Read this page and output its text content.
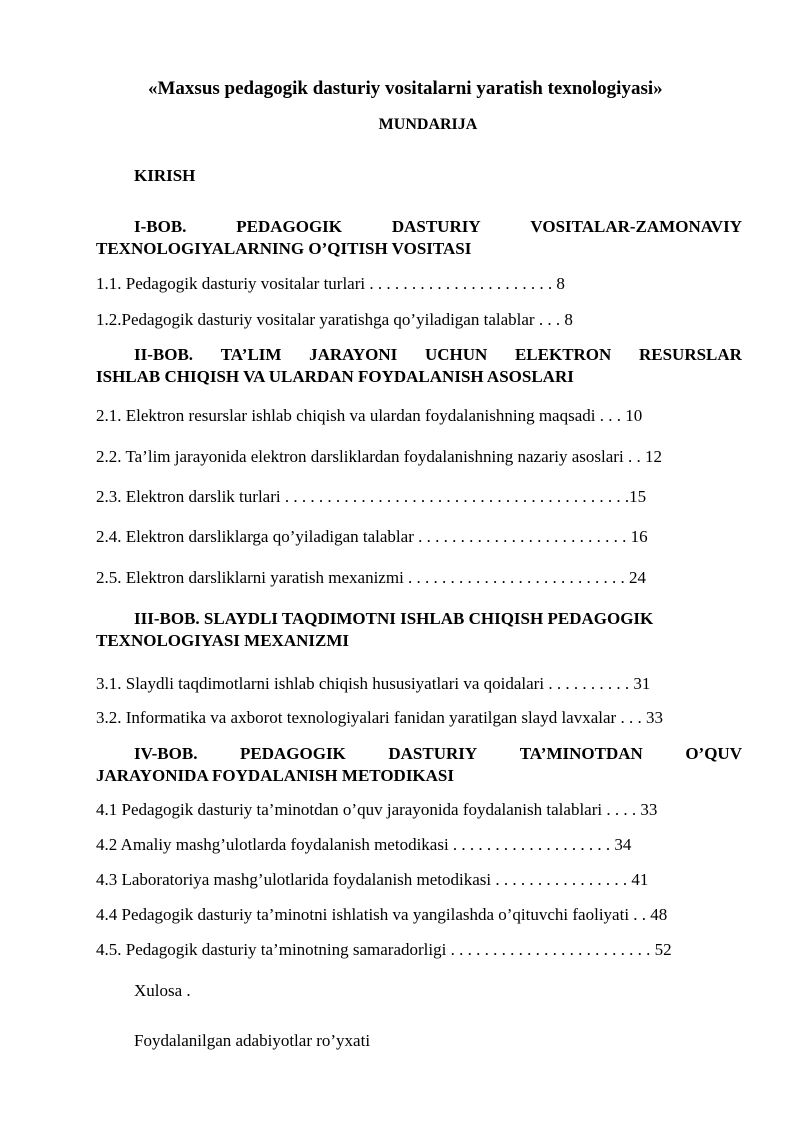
«Maxsus pedagogik dasturiy vositalarni yaratish texnologiyasi»
MUNDARIJA
KIRISH
I-BOB.	PEDAGOGIK	DASTURIY	VOSITALAR-ZAMONAVIY
TEXNOLOGIYALARNING O’QITISH VOSITASI
1.1. Pedagogik dasturiy vositalar turlari . . . . . . . . . . . . . . . . . . . . . . 8
1.2.Pedagogik dasturiy vositalar yaratishga qo’yiladigan talablar . . . 8
II-BOB. TA’LIM JARAYONI UCHUN ELEKTRON RESURSLAR
ISHLAB CHIQISH VA ULARDAN FOYDALANISH ASOSLARI
2.1. Elektron resurslar ishlab chiqish va ulardan foydalanishning maqsadi . . . 10
2.2. Ta’lim jarayonida elektron darsliklardan foydalanishning nazariy asoslari . . 12
2.3. Elektron darslik turlari . . . . . . . . . . . . . . . . . . . . . . . . . . . . . . . . . . . . . . . . .15
2.4. Elektron darsliklarga qo’yiladigan talablar . . . . . . . . . . . . . . . . . . . . . . . . . 16
2.5. Elektron darsliklarni yaratish mexanizmi . . . . . . . . . . . . . . . . . . . . . . . . . . 24
III-BOB. SLAYDLI TAQDIMOTNI ISHLAB CHIQISH PEDAGOGIK
TEXNOLOGIYASI MEXANIZMI
3.1. Slaydli taqdimotlarni ishlab chiqish hususiyatlari va qoidalari . . . . . . . . . . 31
3.2. Informatika va axborot texnologiyalari fanidan yaratilgan slayd lavxalar . . . 33
IV-BOB.	PEDAGOGIK	DASTURIY	TA’MINOTDAN	O’QUV
JARAYONIDA FOYDALANISH METODIKASI
4.1 Pedagogik dasturiy ta’minotdan o’quv jarayonida foydalanish talablari . . . . 33
4.2 Amaliy mashg’ulotlarda foydalanish metodikasi . . . . . . . . . . . . . . . . . . . 34
4.3 Laboratoriya mashg’ulotlarida foydalanish metodikasi . . . . . . . . . . . . . . . . 41
4.4 Pedagogik dasturiy ta’minotni ishlatish va yangilashda o’qituvchi faoliyati . . 48
4.5. Pedagogik dasturiy ta’minotning samaradorligi . . . . . . . . . . . . . . . . . . . . . . . . 52
Xulosa .
Foydalanilgan adabiyotlar ro’yxati
